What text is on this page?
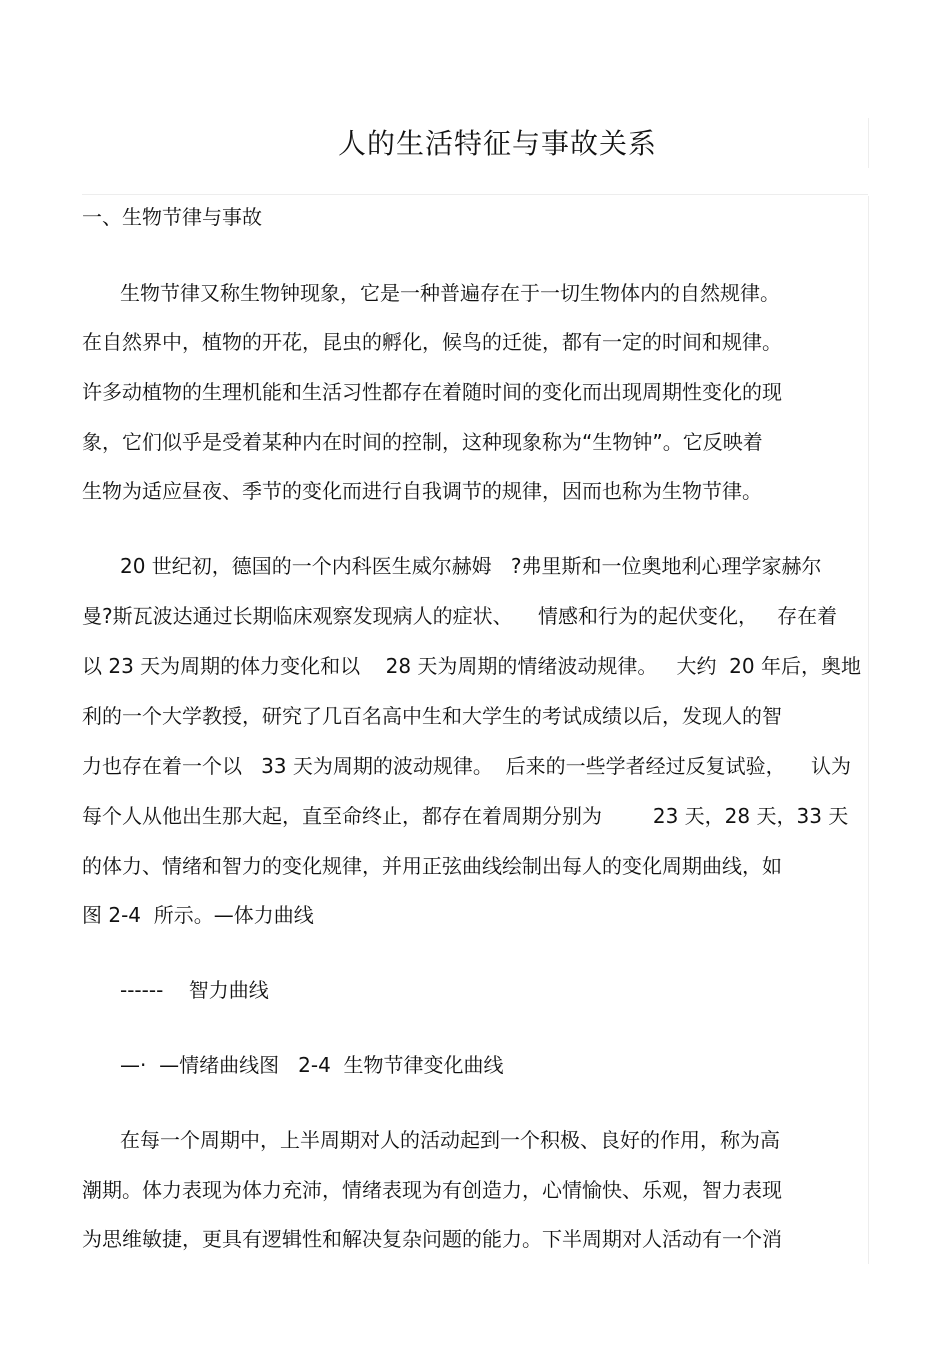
人的生活特征与事故关系
一、生物节律与事故
生物节律又称生物钟现象，它是一种普遍存在于一切生物体内的自然规律。
在自然界中，植物的开花，昆虫的孵化，候鸟的迁徙，都有一定的时间和规律。
许多动植物的生理机能和生活习性都存在着随时间的变化而出现周期性变化的现
象，它们似乎是受着某种内在时间的控制，这种现象称为“生物钟”。它反映着
生物为适应昼夜、季节的变化而进行自我调节的规律，因而也称为生物节律。
20 世纪初，德国的一个内科医生威尔赫姆   ?弗里斯和一位奥地利心理学家赫尔
曼?斯瓦波达通过长期临床观察发现病人的症状、    情感和行为的起伏变化，   存在着
以 23 天为周期的体力变化和以    28 天为周期的情绪波动规律。   大约  20 年后，奥地
利的一个大学教授，研究了几百名高中生和大学生的考试成绩以后，发现人的智
力也存在着一个以   33 天为周期的波动规律。  后来的一些学者经过反复试验，    认为
每个人从他出生那大起，直至命终止，都存在着周期分别为        23 天，28 天，33 天
的体力、情绪和智力的变化规律，并用正弦曲线绘制出每人的变化周期曲线，如
图 2-4  所示。—体力曲线
------    智力曲线
—·  —情绪曲线图   2-4  生物节律变化曲线
在每一个周期中，上半周期对人的活动起到一个积极、良好的作用，称为高
潮期。体力表现为体力充沛，情绪表现为有创造力，心情愉快、乐观，智力表现
为思维敏捷，更具有逻辑性和解决复杂问题的能力。下半周期对人活动有一个消
